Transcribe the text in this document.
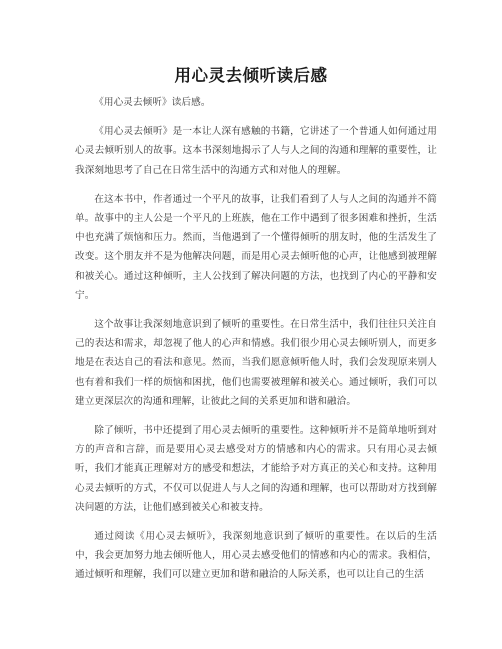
用心灵去倾听读后感

《用心灵去倾听》读后感。

《用心灵去倾听》是一本让人深有感触的书籍，它讲述了一个普通人如何通过用心灵去倾听别人的故事。这本书深刻地揭示了人与人之间的沟通和理解的重要性，让我深刻地思考了自己在日常生活中的沟通方式和对他人的理解。

在这本书中，作者通过一个平凡的故事，让我们看到了人与人之间的沟通并不简单。故事中的主人公是一个平凡的上班族，他在工作中遇到了很多困难和挫折，生活中也充满了烦恼和压力。然而，当他遇到了一个懂得倾听的朋友时，他的生活发生了改变。这个朋友并不是为他解决问题，而是用心灵去倾听他的心声，让他感到被理解和被关心。通过这种倾听，主人公找到了解决问题的方法，也找到了内心的平静和安宁。

这个故事让我深刻地意识到了倾听的重要性。在日常生活中，我们往往只关注自己的表达和需求，却忽视了他人的心声和情感。我们很少用心灵去倾听别人，而更多地是在表达自己的看法和意见。然而，当我们愿意倾听他人时，我们会发现原来别人也有着和我们一样的烦恼和困扰，他们也需要被理解和被关心。通过倾听，我们可以建立更深层次的沟通和理解，让彼此之间的关系更加和谐和融洽。

除了倾听，书中还提到了用心灵去倾听的重要性。这种倾听并不是简单地听到对方的声音和言辞，而是要用心灵去感受对方的情感和内心的需求。只有用心灵去倾听，我们才能真正理解对方的感受和想法，才能给予对方真正的关心和支持。这种用心灵去倾听的方式，不仅可以促进人与人之间的沟通和理解，也可以帮助对方找到解决问题的方法，让他们感到被关心和被支持。

通过阅读《用心灵去倾听》，我深刻地意识到了倾听的重要性。在以后的生活中，我会更加努力地去倾听他人，用心灵去感受他们的情感和内心的需求。我相信，通过倾听和理解，我们可以建立更加和谐和融洽的人际关系，也可以让自己的生活
